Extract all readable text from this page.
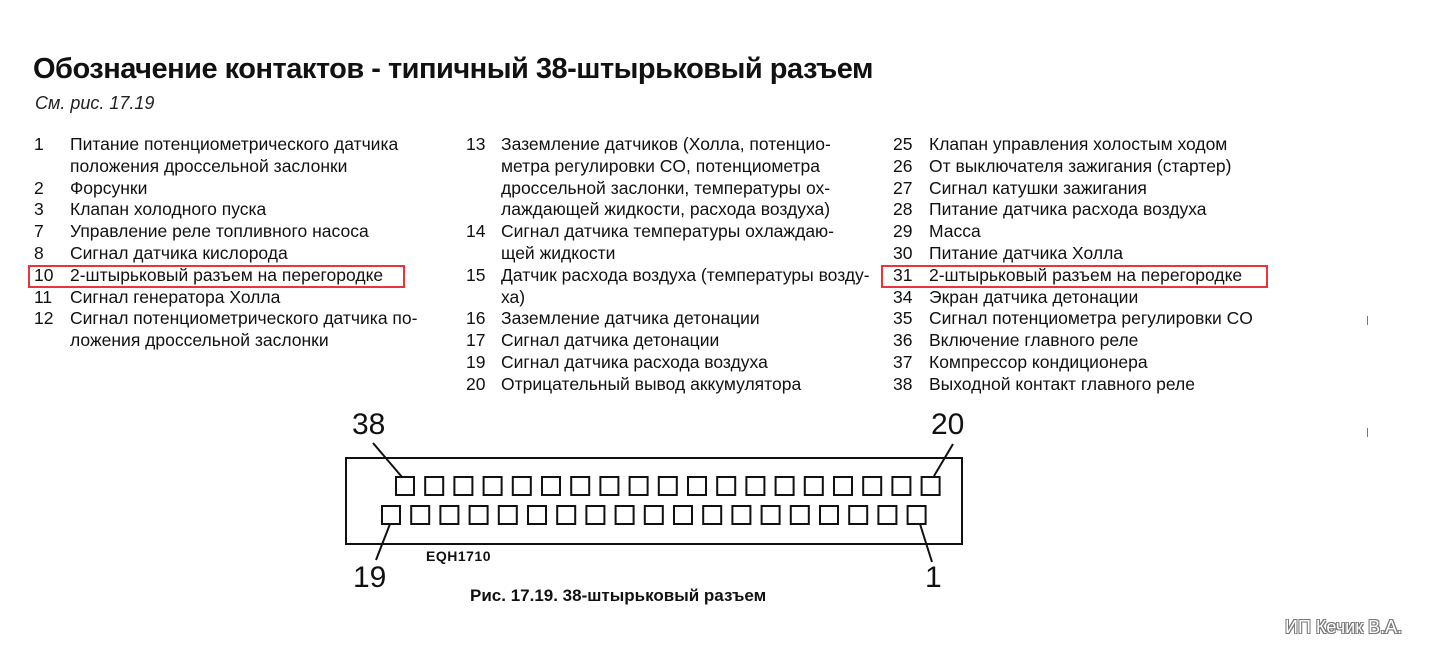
Обозначение контактов - типичный 38-штырьковый разъем
См. рис. 17.19
1	Питание потенциометрического датчика
положения дроссельной заслонки
2	Форсунки
3	Клапан холодного пуска
7	Управление реле топливного насоса
8	Сигнал датчика кислорода
10 2-штырьковый разъем на перегородке
11	Сигнал генератора Холла
12 Сигнал потенциометрического датчика по-
ложения дроссельной заслонки
13 Заземление датчиков (Холла, потенцио-
метра регулировки CO, потенциометра
дроссельной заслонки, температуры ох-
лаждающей жидкости, расхода воздуха)
14 Сигнал датчика температуры охлаждаю-
щей жидкости
15 Датчик расхода воздуха (температуры возду-
ха)
16 Заземление датчика детонации
17 Сигнал датчика детонации
19 Сигнал датчика расхода воздуха
20 Отрицательный вывод аккумулятора
25 Клапан управления холостым ходом
26 От выключателя зажигания (стартер)
27 Сигнал катушки зажигания
28 Питание датчика расхода воздуха
29 Масса
30 Питание датчика Холла
31 2-штырьковый разъем на перегородке
34 Экран датчика детонации
35 Сигнал потенциометра регулировки CO
36 Включение главного реле
37 Компрессор кондиционера
38 Выходной контакт главного реле
38	20
19	1
EQH1710
Рис. 17.19. 38-штырьковый разъем
ИП Кечик В.А.
